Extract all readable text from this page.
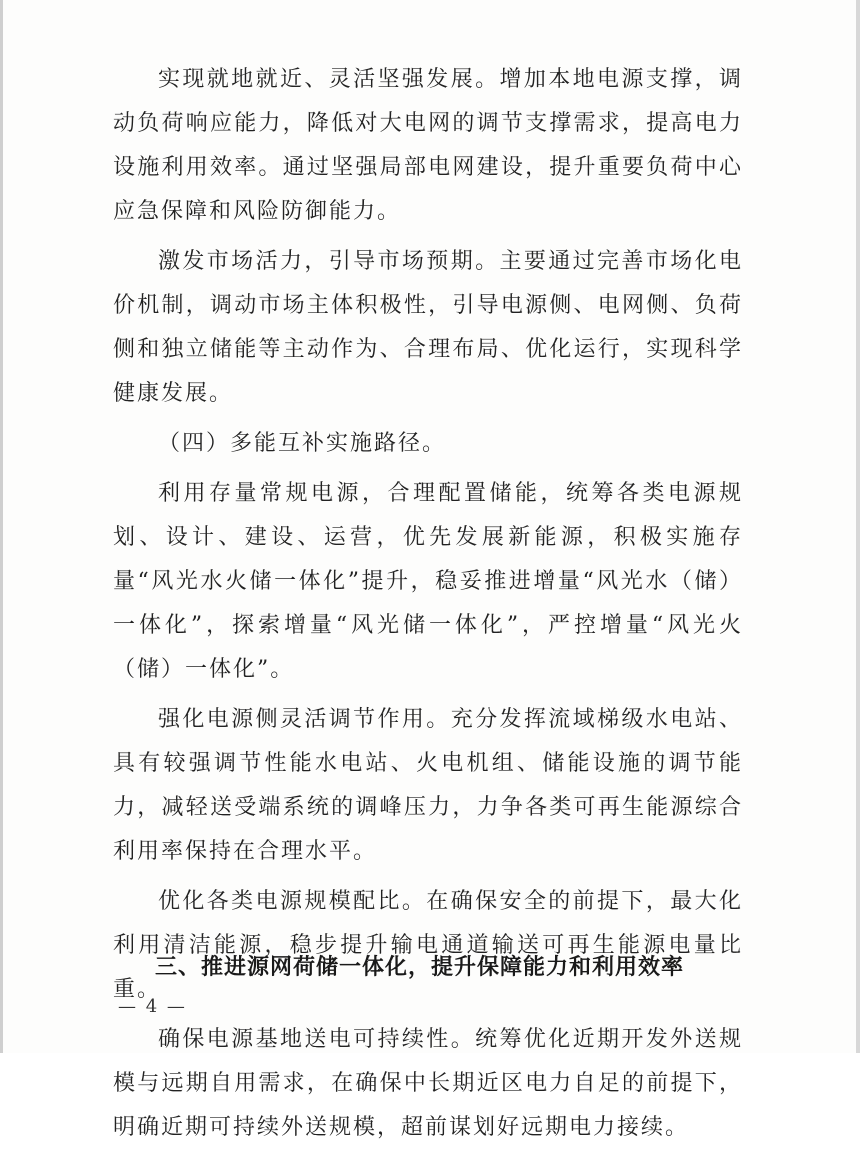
实现就地就近、灵活坚强发展。增加本地电源支撑，调动负荷响应能力，降低对大电网的调节支撑需求，提高电力设施利用效率。通过坚强局部电网建设，提升重要负荷中心应急保障和风险防御能力。

激发市场活力，引导市场预期。主要通过完善市场化电价机制，调动市场主体积极性，引导电源侧、电网侧、负荷侧和独立储能等主动作为、合理布局、优化运行，实现科学健康发展。

（四）多能互补实施路径。

利用存量常规电源，合理配置储能，统筹各类电源规划、设计、建设、运营，优先发展新能源，积极实施存量“风光水火储一体化”提升，稳妥推进增量“风光水（储）一体化”，探索增量“风光储一体化”，严控增量“风光火（储）一体化”。

强化电源侧灵活调节作用。充分发挥流域梯级水电站、具有较强调节性能水电站、火电机组、储能设施的调节能力，减轻送受端系统的调峰压力，力争各类可再生能源综合利用率保持在合理水平。

优化各类电源规模配比。在确保安全的前提下，最大化利用清洁能源，稳步提升输电通道输送可再生能源电量比重。

确保电源基地送电可持续性。统筹优化近期开发外送规模与远期自用需求，在确保中长期近区电力自足的前提下，明确近期可持续外送规模，超前谋划好远期电力接续。

三、推进源网荷储一体化，提升保障能力和利用效率
— 4 —
